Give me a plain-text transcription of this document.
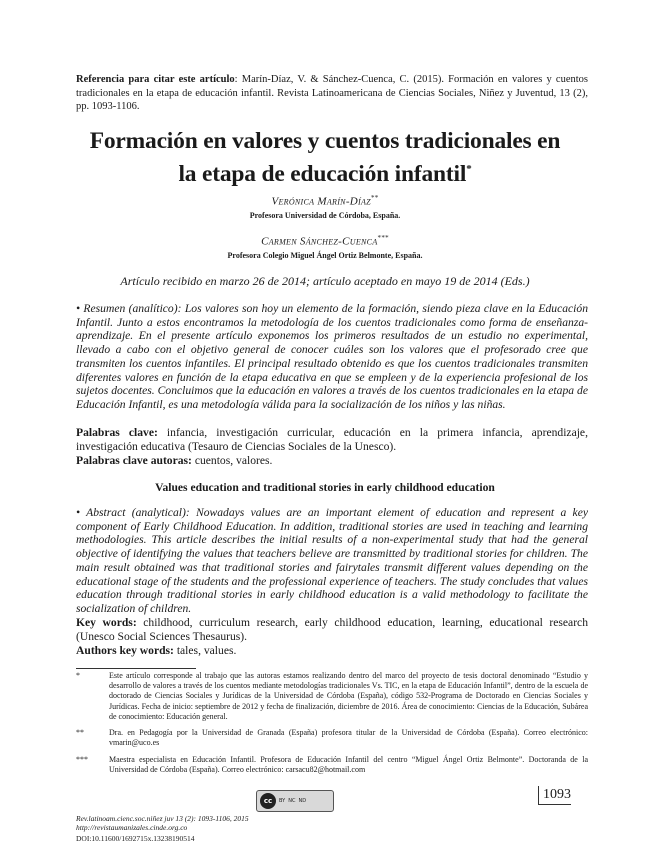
Referencia para citar este artículo: Marín-Díaz, V. & Sánchez-Cuenca, C. (2015). Formación en valores y cuentos tradicionales en la etapa de educación infantil. Revista Latinoamericana de Ciencias Sociales, Niñez y Juventud, 13 (2), pp. 1093-1106.
Formación en valores y cuentos tradicionales en
la etapa de educación infantil*
Verónica Marín-Díaz**
Profesora Universidad de Córdoba, España.
Carmen Sánchez-Cuenca***
Profesora Colegio Miguel Ángel Ortiz Belmonte, España.
Artículo recibido en marzo 26 de 2014; artículo aceptado en mayo 19 de 2014 (Eds.)
• Resumen (analítico): Los valores son hoy un elemento de la formación, siendo pieza clave en la Educación Infantil. Junto a estos encontramos la metodología de los cuentos tradicionales como forma de enseñanza-aprendizaje. En el presente artículo exponemos los primeros resultados de un estudio no experimental, llevado a cabo con el objetivo general de conocer cuáles son los valores que el profesorado cree que transmiten los cuentos infantiles. El principal resultado obtenido es que los cuentos tradicionales transmiten diferentes valores en función de la etapa educativa en que se empleen y de la experiencia profesional de los sujetos docentes. Concluimos que la educación en valores a través de los cuentos tradicionales en la etapa de Educación Infantil, es una metodología válida para la socialización de los niños y las niñas.
Palabras clave: infancia, investigación curricular, educación en la primera infancia, aprendizaje, investigación educativa (Tesauro de Ciencias Sociales de la Unesco).
Palabras clave autoras: cuentos, valores.
Values education and traditional stories in early childhood education
• Abstract (analytical): Nowadays values are an important element of education and represent a key component of Early Childhood Education. In addition, traditional stories are used in teaching and learning methodologies. This article describes the initial results of a non-experimental study that had the general objective of identifying the values that teachers believe are transmitted by traditional stories for children. The main result obtained was that traditional stories and fairytales transmit different values depending on the educational stage of the students and the professional experience of teachers. The study concludes that values education through traditional stories in early childhood education is a valid methodology to facilitate the socialization of children.
Key words: childhood, curriculum research, early childhood education, learning, educational research (Unesco Social Sciences Thesaurus).
Authors key words: tales, values.
*	Este artículo corresponde al trabajo que las autoras estamos realizando dentro del marco del proyecto de tesis doctoral denominado “Estudio y desarrollo de valores a través de los cuentos mediante metodologías tradicionales Vs. TIC, en la etapa de Educación Infantil”, dentro de la escuela de doctorado de Ciencias Sociales y Jurídicas de la Universidad de Córdoba (España), código 532-Programa de Doctorado en Ciencias Sociales y Jurídicas. Fecha de inicio: septiembre de 2012 y fecha de finalización, diciembre de 2016. Área de conocimiento: Ciencias de la Educación, Subárea de conocimiento: Educación general.
**	Dra. en Pedagogía por la Universidad de Granada (España) profesora titular de la Universidad de Córdoba (España). Correo electrónico: vmarin@uco.es
***	Maestra especialista en Educación Infantil. Profesora de Educación Infantil del centro “Miguel Ángel Ortiz Belmonte”. Doctoranda de la Universidad de Córdoba (España). Correo electrónico: carsacu82@hotmail.com
Rev.latinoam.cienc.soc.niñez juv 13 (2): 1093-1106, 2015
http://revistaumanizales.cinde.org.co
DOI:10.11600/1692715x.13238190514
cc	BY NC ND	1093
